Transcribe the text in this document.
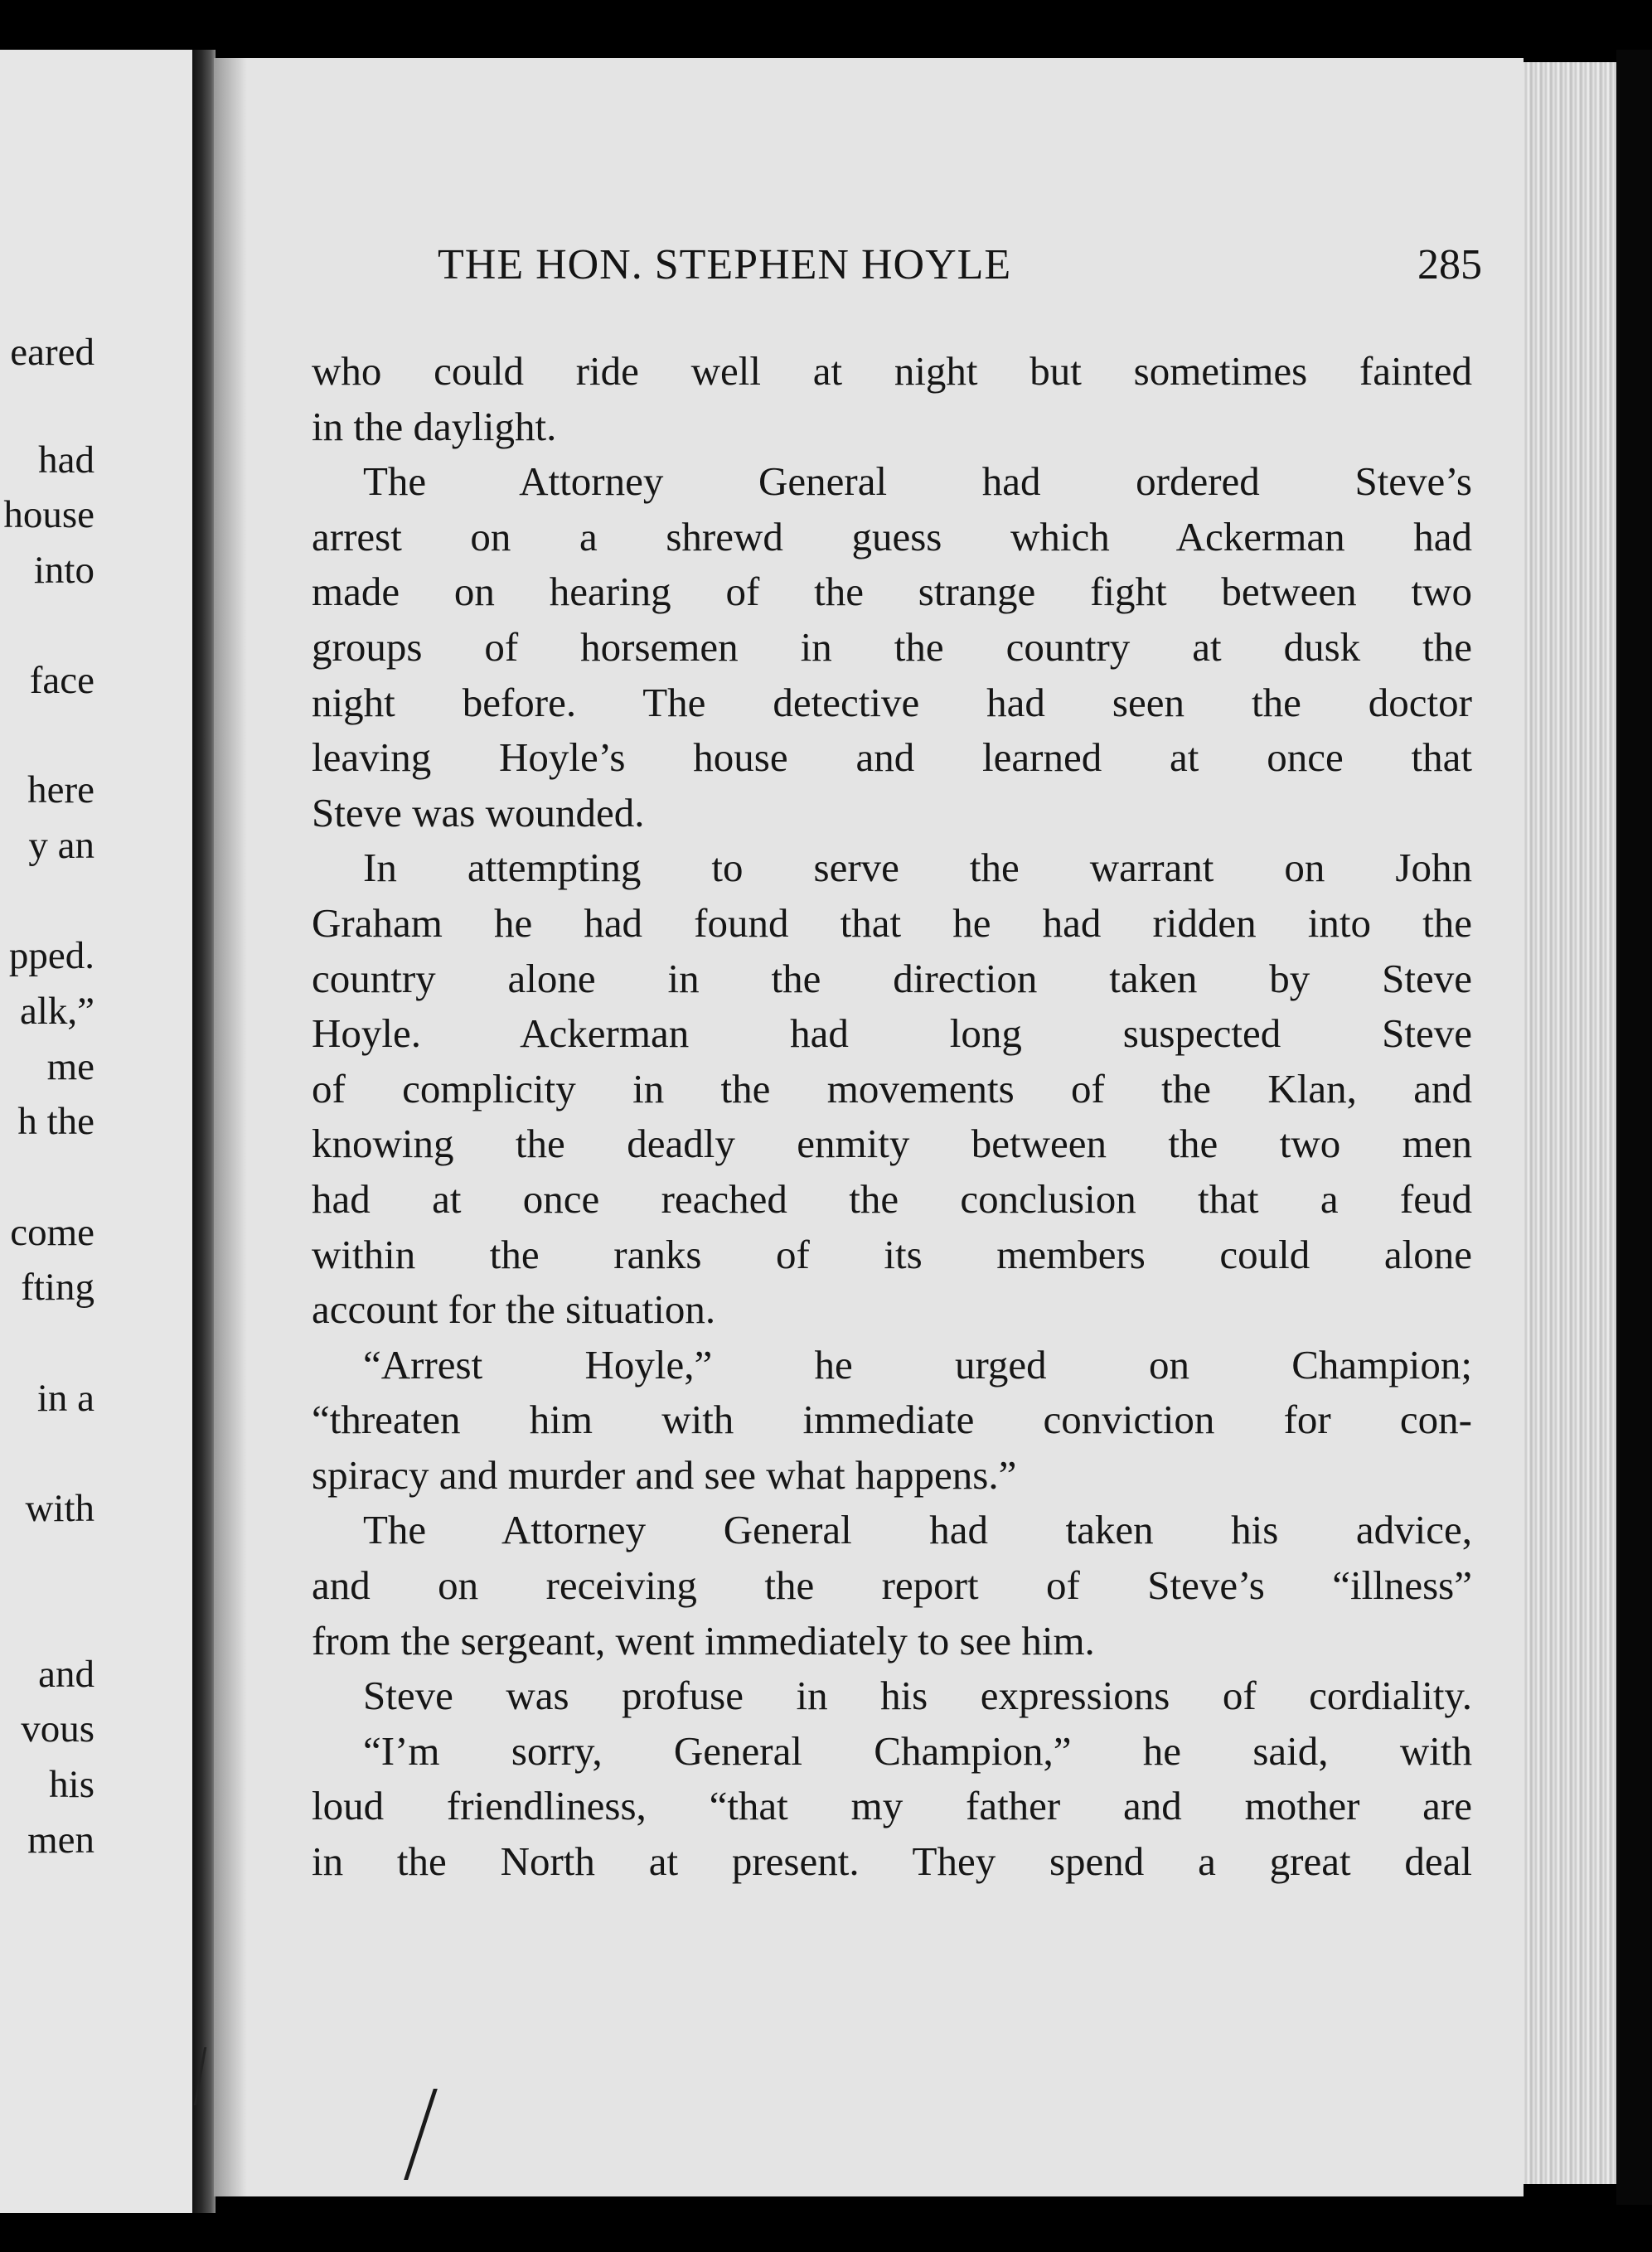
eared
had
house
into
face
here
y an
pped.
alk,”
me
h the
come
fting
in a
with
and
vous
his
men
THE HON. STEPHEN HOYLE	285
who could ride well at night but sometimes fainted
in the daylight.
The Attorney General had ordered Steve’s
arrest on a shrewd guess which Ackerman had
made on hearing of the strange fight between two
groups of horsemen in the country at dusk the
night before. The detective had seen the doctor
leaving Hoyle’s house and learned at once that
Steve was wounded.
In attempting to serve the warrant on John
Graham he had found that he had ridden into the
country alone in the direction taken by Steve
Hoyle. Ackerman had long suspected Steve
of complicity in the movements of the Klan, and
knowing the deadly enmity between the two men
had at once reached the conclusion that a feud
within the ranks of its members could alone
account for the situation.
“Arrest Hoyle,” he urged on Champion;
“threaten him with immediate conviction for con-
spiracy and murder and see what happens.”
The Attorney General had taken his advice,
and on receiving the report of Steve’s “illness”
from the sergeant, went immediately to see him.
Steve was profuse in his expressions of cordiality.
“I’m sorry, General Champion,” he said, with
loud friendliness, “that my father and mother are
in the North at present. They spend a great deal
